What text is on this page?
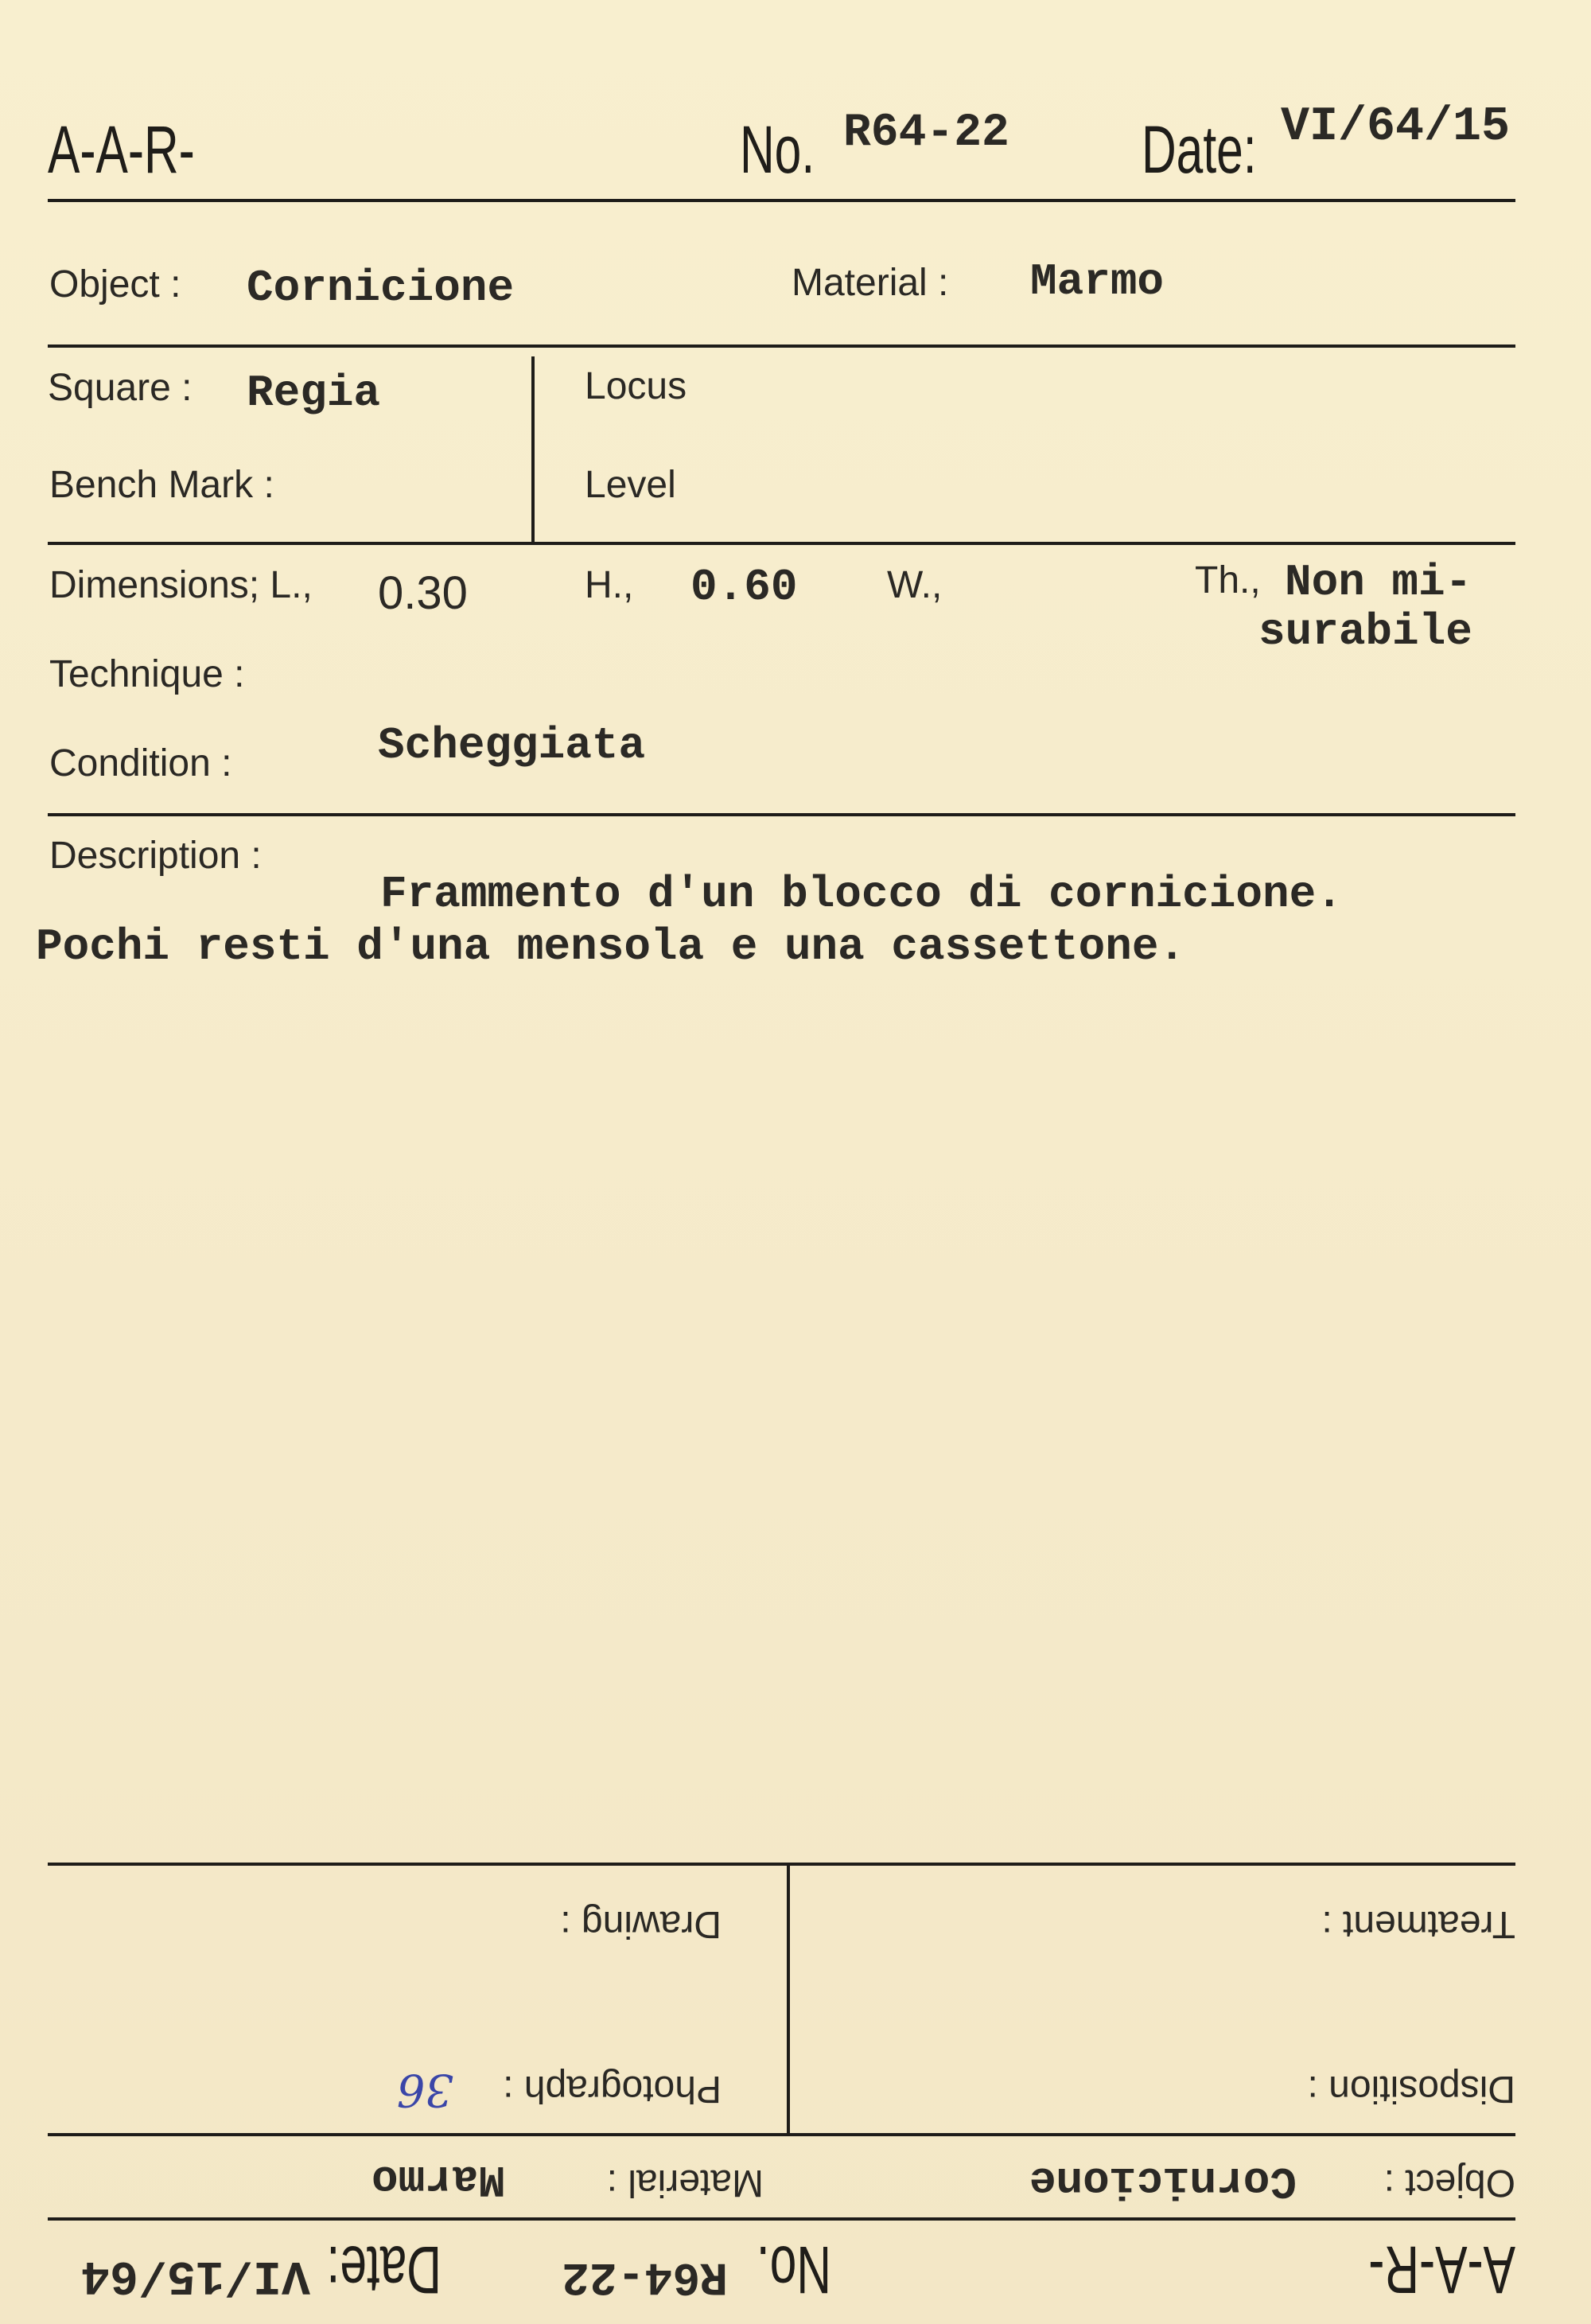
A-A-R-	No. R64-22 Date: VI/64/15
Object : Cornicione	Material : Marmo
Square : Regia	Locus
Bench Mark :	Level
Dimensions; L., 0.30	H., 0.60 W.,	Th., Non mi-
surabile
Technique :
Condition :	Scheggiata
Description :
Frammento d'un blocco di cornicione.
Pochi resti d'una mensola e una cassettone.
A-A-R-
No.
R64-22
Date:
VI/15/64
Object :
Cornicione
Material :
Marmo
Disposition :
Photograph :
36
Treatment :
Drawing :
